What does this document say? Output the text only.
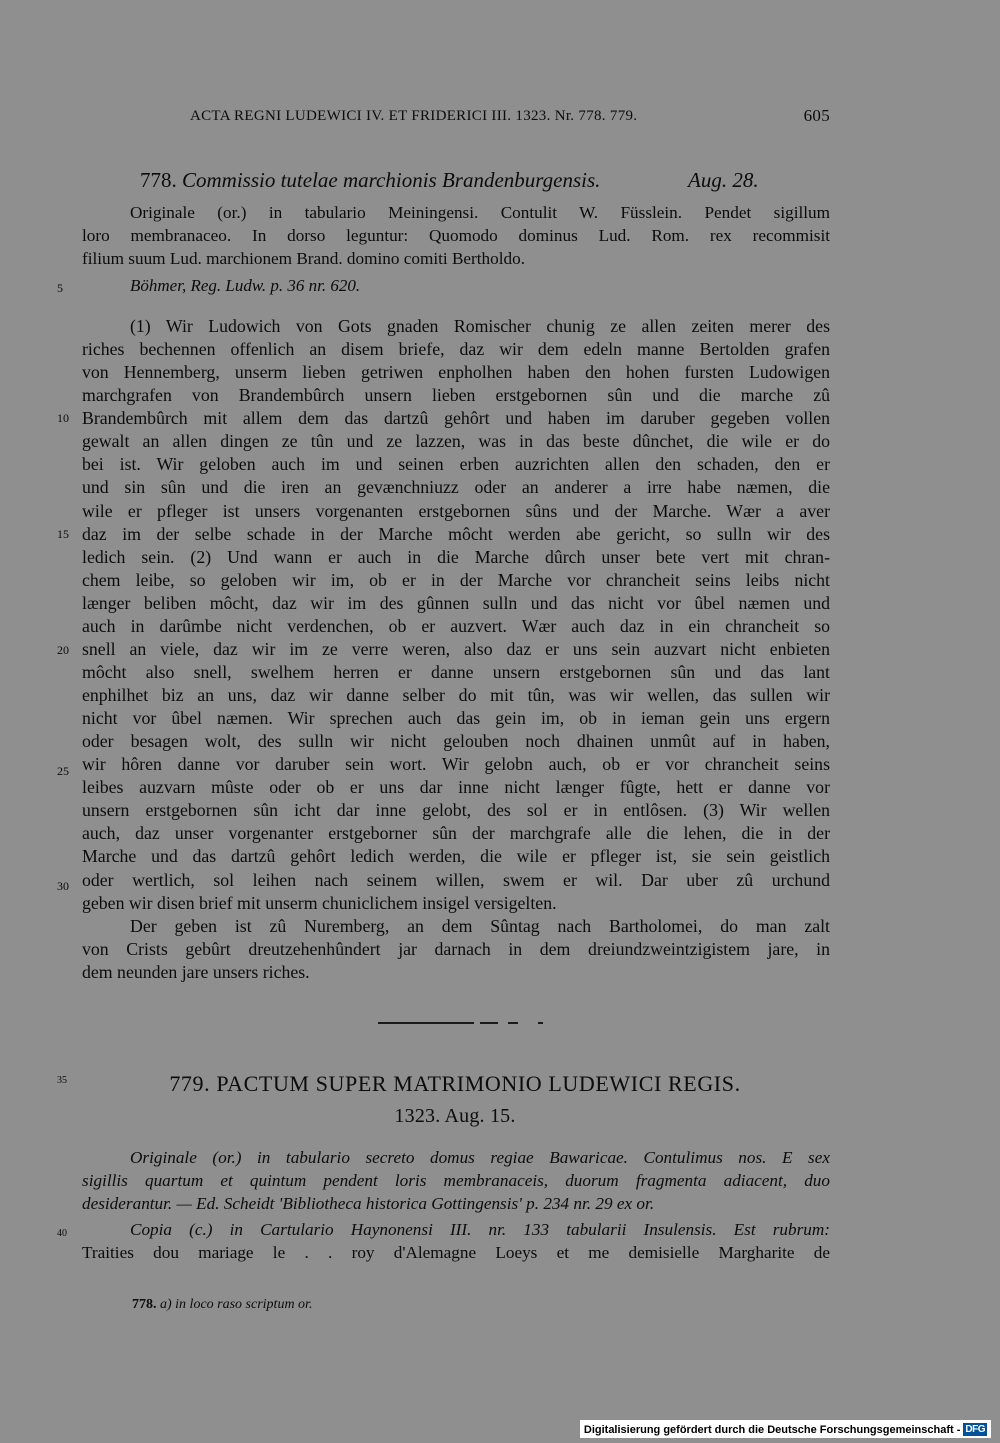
ACTA REGNI LUDEWICI IV. ET FRIDERICI III. 1323. Nr. 778. 779.	605
778. Commissio tutelae marchionis Brandenburgensis.	Aug. 28.
Originale (or.) in tabulario Meiningensi. Contulit W. Füsslein. Pendet sigillum
loro membranaceo. In dorso leguntur: Quomodo dominus Lud. Rom. rex recommisit
filium suum Lud. marchionem Brand. domino comiti Bertholdo.
5	Böhmer, Reg. Ludw. p. 36 nr. 620.
(1) Wir Ludowich von Gots gnaden Romischer chunig ze allen zeiten merer des
riches bechennen offenlich an disem briefe, daz wir dem edeln manne Bertolden grafen
von Hennemberg, unserm lieben getriwen enpholhen haben den hohen fursten Ludowigen
marchgrafen von Brandembûrch unsern lieben erstgebornen sûn und die marche zû
Brandembûrch mit allem dem das dartzû gehôrt und haben im daruber gegeben vollen
gewalt an allen dingen ze tûn und ze lazzen, was in das beste dûnchet, die wile er do
bei ist. Wir geloben auch im und seinen erben auzrichten allen den schaden, den er
und sin sûn und die iren an gevænchniuzz oder an anderer a irre habe næmen, die
wile er pfleger ist unsers vorgenanten erstgebornen sûns und der Marche. Wær a aver
daz im der selbe schade in der Marche môcht werden abe gericht, so sulln wir des
ledich sein. (2) Und wann er auch in die Marche dûrch unser bete vert mit chran-
chem leibe, so geloben wir im, ob er in der Marche vor chrancheit seins leibs nicht
længer beliben môcht, daz wir im des gûnnen sulln und das nicht vor ûbel næmen und
auch in darûmbe nicht verdenchen, ob er auzvert. Wær auch daz in ein chrancheit so
snell an viele, daz wir im ze verre weren, also daz er uns sein auzvart nicht enbieten
môcht also snell, swelhem herren er danne unsern erstgebornen sûn und das lant
enphilhet biz an uns, daz wir danne selber do mit tûn, was wir wellen, das sullen wir
nicht vor ûbel næmen. Wir sprechen auch das gein im, ob in ieman gein uns ergern
oder besagen wolt, des sulln wir nicht gelouben noch dhainen unmût auf in haben,
wir hôren danne vor daruber sein wort. Wir gelobn auch, ob er vor chrancheit seins
leibes auzvarn mûste oder ob er uns dar inne nicht længer fûgte, hett er danne vor
unsern erstgebornen sûn icht dar inne gelobt, des sol er in entlôsen. (3) Wir wellen
auch, daz unser vorgenanter erstgeborner sûn der marchgrafe alle die lehen, die in der
Marche und das dartzû gehôrt ledich werden, die wile er pfleger ist, sie sein geistlich
oder wertlich, sol leihen nach seinem willen, swem er wil. Dar uber zû urchund
geben wir disen brief mit unserm chuniclichem insigel versigelten.
Der geben ist zû Nuremberg, an dem Sûntag nach Bartholomei, do man zalt
von Crists gebûrt dreutzehenhûndert jar darnach in dem dreiundzweintzigistem jare, in
dem neunden jare unsers riches.
10
15
20
25
30
35	779. PACTUM SUPER MATRIMONIO LUDEWICI REGIS.
1323. Aug. 15.
Originale (or.) in tabulario secreto domus regiae Bawaricae. Contulimus nos. E sex
sigillis quartum et quintum pendent loris membranaceis, duorum fragmenta adiacent, duo
desiderantur. — Ed. Scheidt 'Bibliotheca historica Gottingensis' p. 234 nr. 29 ex or.
Copia (c.) in Cartulario Haynonensi III. nr. 133 tabularii Insulensis. Est rubrum:
Traities dou mariage le . . roy d'Alemagne Loeys et me demisielle Margharite de
40
778. a) in loco raso scriptum or.
Digitalisierung gefördert durch die Deutsche Forschungsgemeinschaft - DFG
